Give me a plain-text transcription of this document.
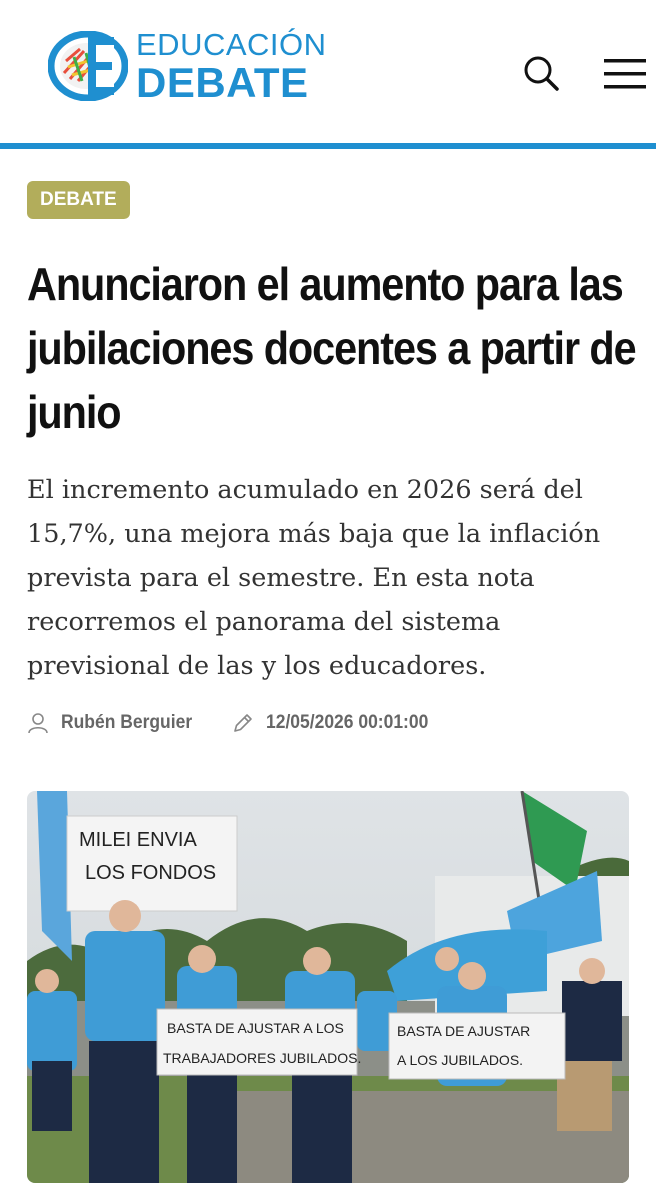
EDUCACIÓN
DEBATE
DEBATE
Anunciaron el aumento para las jubilaciones docentes a partir de junio

El incremento acumulado en 2026 será del 15,7%, una mejora más baja que la inflación prevista para el semestre. En esta nota recorremos el panorama del sistema previsional de las y los educadores.

Rubén Berguier	12/05/2026 00:01:00
MILEI ENVIA
LOS FONDOS
BASTA DE AJUSTAR A LOS
TRABAJADORES JUBILADOS.
BASTA DE AJUSTAR
A LOS JUBILADOS.
